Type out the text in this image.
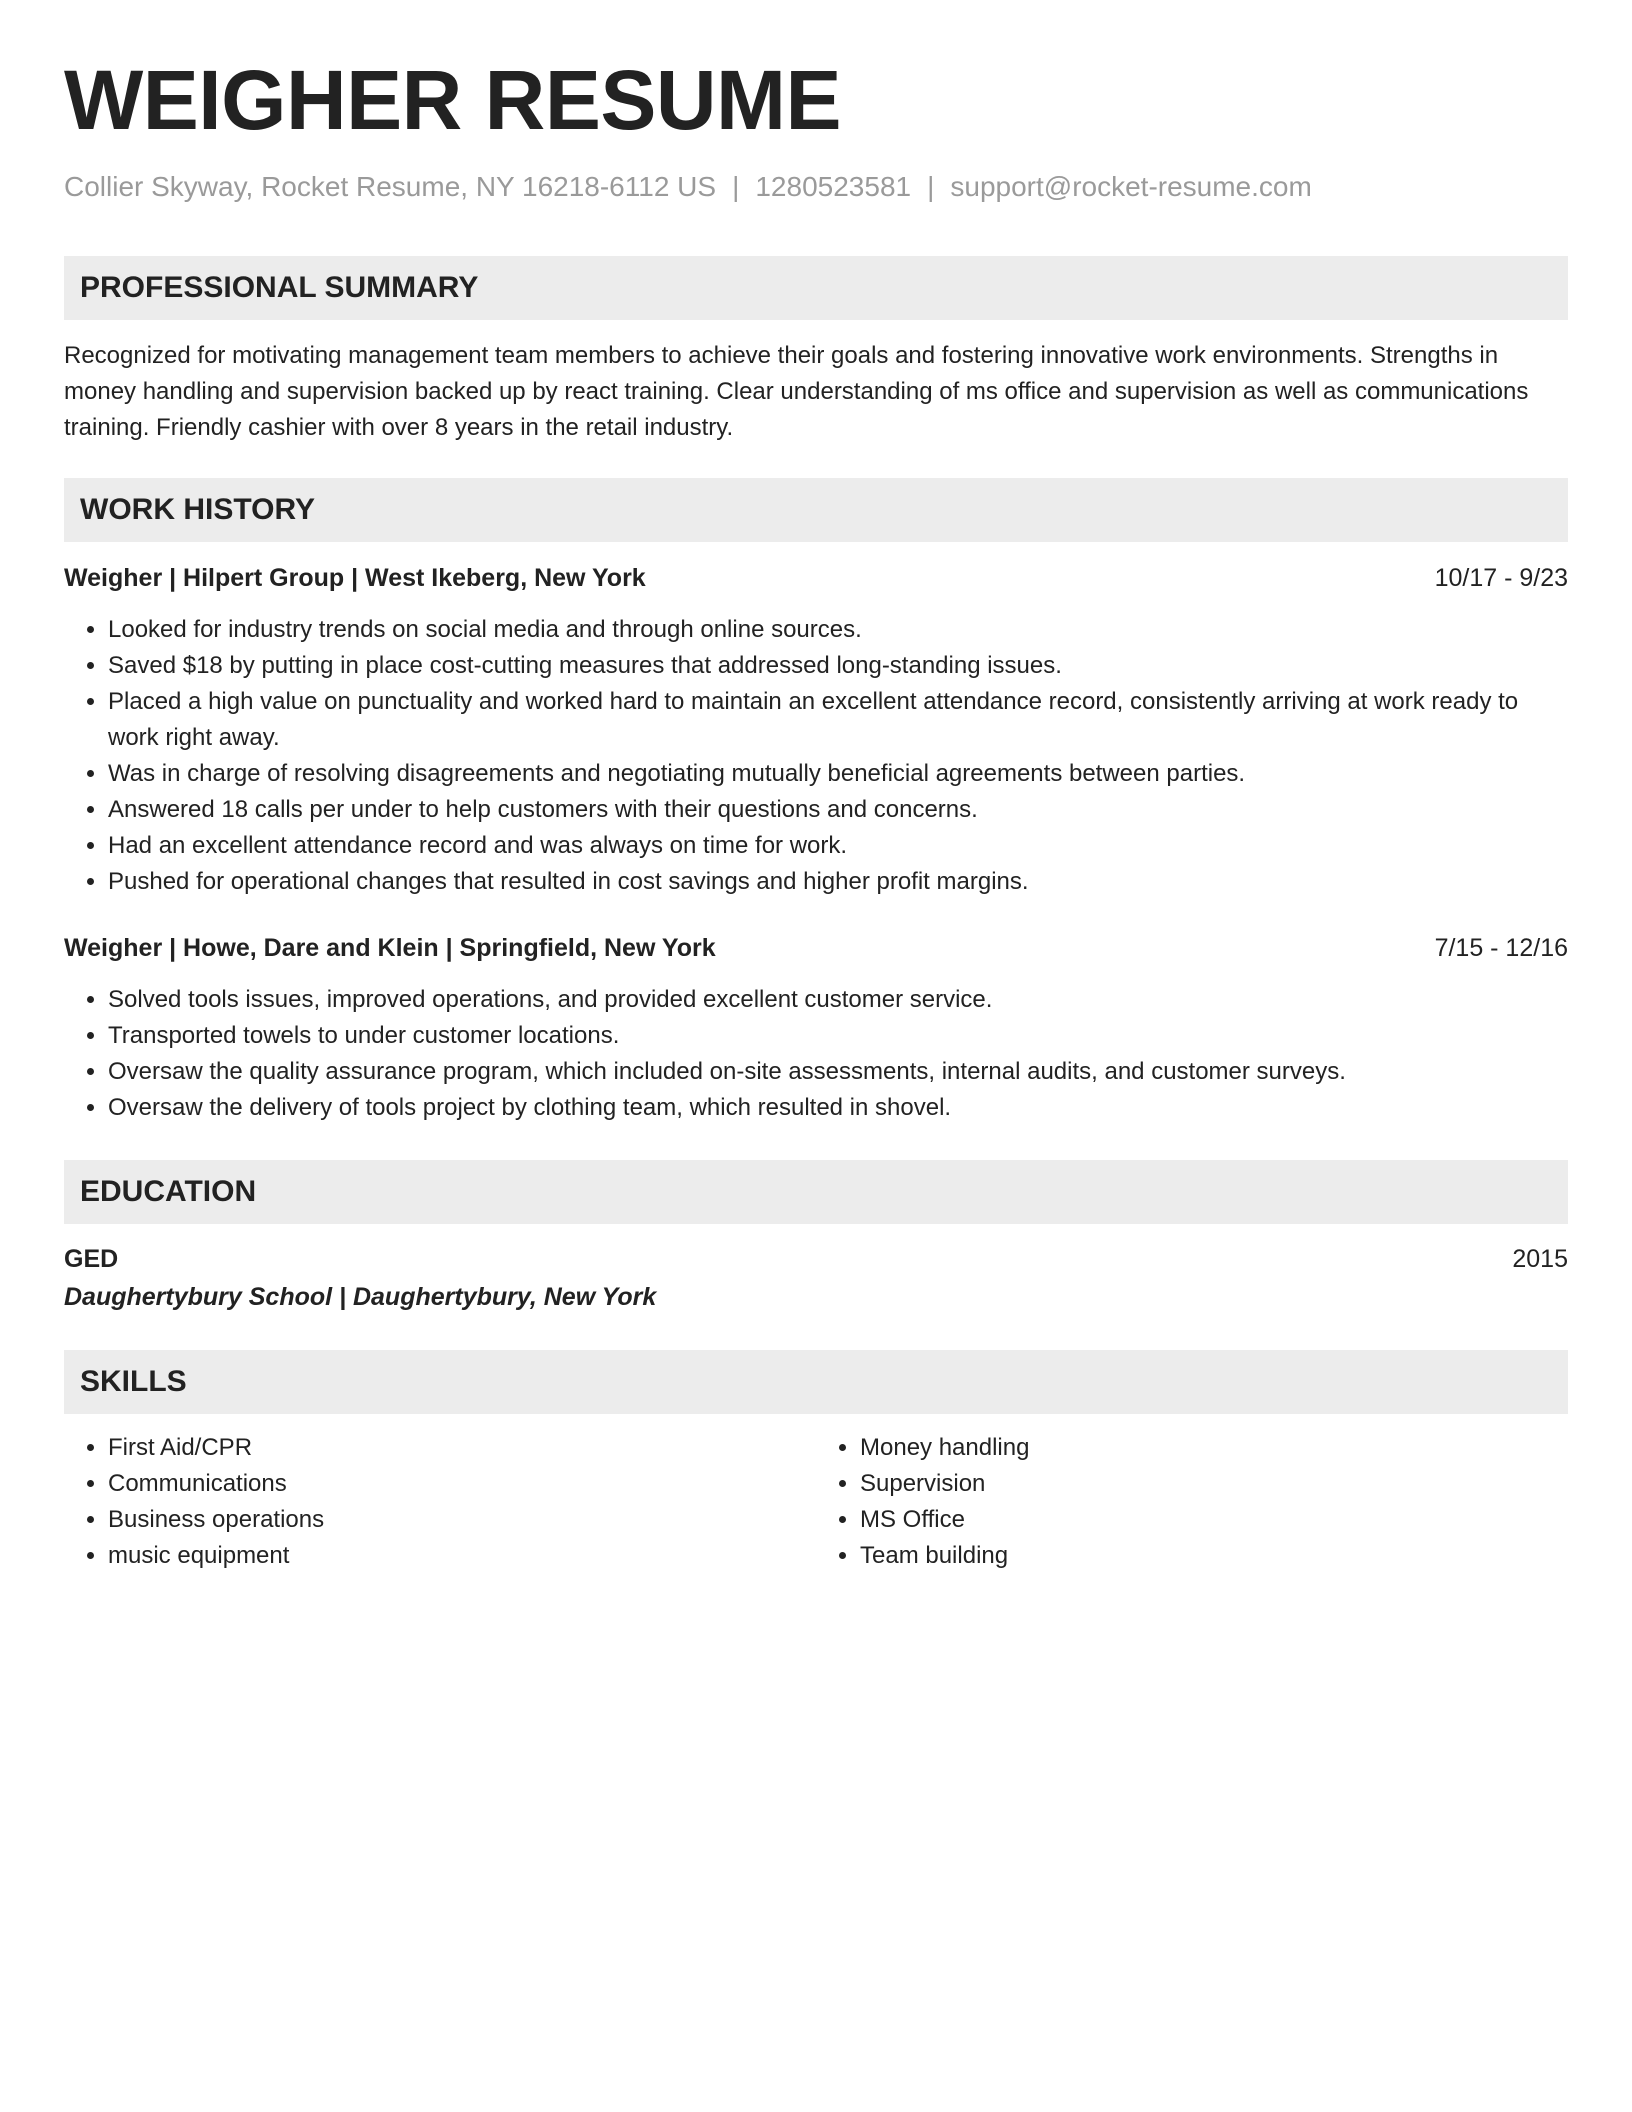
WEIGHER RESUME
Collier Skyway, Rocket Resume, NY 16218-6112 US | 1280523581 | support@rocket-resume.com
PROFESSIONAL SUMMARY
Recognized for motivating management team members to achieve their goals and fostering innovative work environments. Strengths in money handling and supervision backed up by react training. Clear understanding of ms office and supervision as well as communications training. Friendly cashier with over 8 years in the retail industry.
WORK HISTORY
Weigher | Hilpert Group | West Ikeberg, New York	10/17 - 9/23
• Looked for industry trends on social media and through online sources.
• Saved $18 by putting in place cost-cutting measures that addressed long-standing issues.
• Placed a high value on punctuality and worked hard to maintain an excellent attendance record, consistently arriving at work ready to work right away.
• Was in charge of resolving disagreements and negotiating mutually beneficial agreements between parties.
• Answered 18 calls per under to help customers with their questions and concerns.
• Had an excellent attendance record and was always on time for work.
• Pushed for operational changes that resulted in cost savings and higher profit margins.
Weigher | Howe, Dare and Klein | Springfield, New York	7/15 - 12/16
• Solved tools issues, improved operations, and provided excellent customer service.
• Transported towels to under customer locations.
• Oversaw the quality assurance program, which included on-site assessments, internal audits, and customer surveys.
• Oversaw the delivery of tools project by clothing team, which resulted in shovel.
EDUCATION
GED	2015
Daughertybury School | Daughertybury, New York
SKILLS
• First Aid/CPR
• Communications
• Business operations
• music equipment
• Money handling
• Supervision
• MS Office
• Team building
